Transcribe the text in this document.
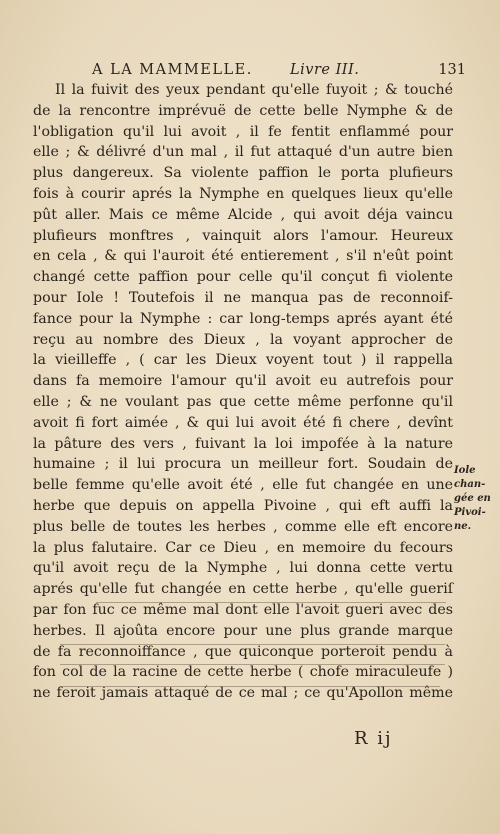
A LA MAMMELLE.	Livre III.	131
Il la fuivit des yeux pendant qu'elle fuyoit ; & touché
de la rencontre imprévuë de cette belle Nymphe & de
l'obligation qu'il lui avoit , il fe fentit enflammé pour
elle ; & délivré d'un mal , il fut attaqué d'un autre bien
plus dangereux. Sa violente paffion le porta plufieurs
fois à courir aprés la Nymphe en quelques lieux qu'elle
pût aller. Mais ce même Alcide , qui avoit déja vaincu
plufieurs monftres , vainquit alors l'amour. Heureux
en cela , & qui l'auroit été entierement , s'il n'eût point
changé cette paffion pour celle qu'il conçut fi violente
pour Iole ! Toutefois il ne manqua pas de reconnoif-
fance pour la Nymphe : car long-temps aprés ayant été
reçu au nombre des Dieux , la voyant approcher de
la vieilleffe , ( car les Dieux voyent tout ) il rappella
dans fa memoire l'amour qu'il avoit eu autrefois pour
elle ; & ne voulant pas que cette même perfonne qu'il
avoit fi fort aimée , & qui lui avoit été fi chere , devînt
la pâture des vers , fuivant la loi impofée à la nature
humaine ; il lui procura un meilleur fort. Soudain de
belle femme qu'elle avoit été , elle fut changée en une
herbe que depuis on appella Pivoine , qui eft auffi la
plus belle de toutes les herbes , comme elle eft encore
la plus falutaire. Car ce Dieu , en memoire du fecours
qu'il avoit reçu de la Nymphe , lui donna cette vertu
aprés qu'elle fut changée en cette herbe , qu'elle gueriſ
par fon fuc ce même mal dont elle l'avoit gueri avec des
herbes. Il ajoûta encore pour une plus grande marque
de fa reconnoiffance , que quiconque porteroit pendu à
fon col de la racine de cette herbe ( chofe miraculeufe )
ne feroit jamais attaqué de ce mal ; ce qu'Apollon même
Iole
chan-
gée en
Pivoi-
ne.
R ij
